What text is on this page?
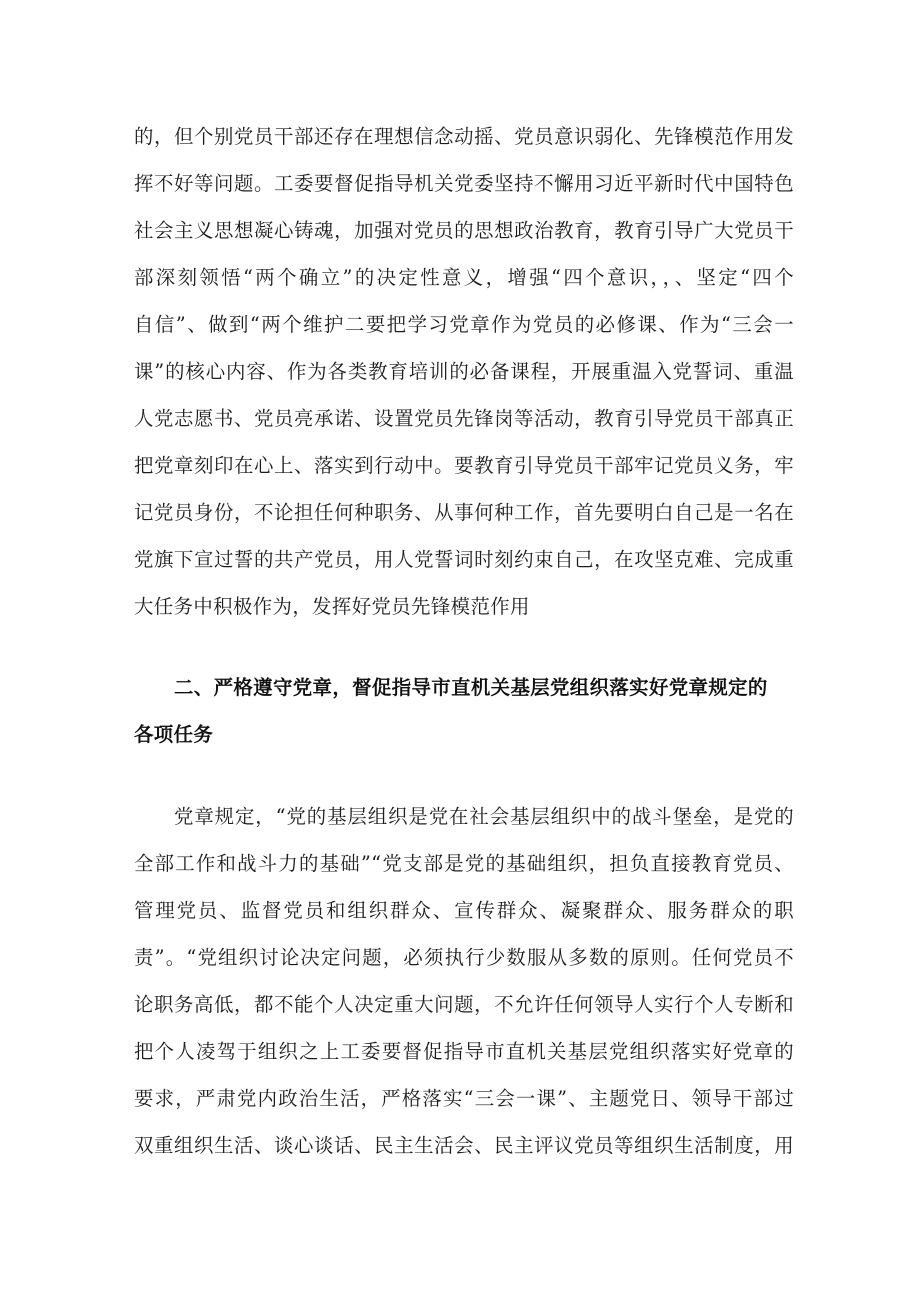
的，但个别党员干部还存在理想信念动摇、党员意识弱化、先锋模范作用发
挥不好等问题。工委要督促指导机关党委坚持不懈用习近平新时代中国特色
社会主义思想凝心铸魂，加强对党员的思想政治教育，教育引导广大党员干
部深刻领悟“两个确立”的决定性意义，增强“四个意识，，、坚定“四个
自信”、做到“两个维护二要把学习党章作为党员的必修课、作为“三会一
课”的核心内容、作为各类教育培训的必备课程，开展重温入党誓词、重温
人党志愿书、党员亮承诺、设置党员先锋岗等活动，教育引导党员干部真正
把党章刻印在心上、落实到行动中。要教育引导党员干部牢记党员义务，牢
记党员身份，不论担任何种职务、从事何种工作，首先要明白自己是一名在
党旗下宣过誓的共产党员，用人党誓词时刻约束自己，在攻坚克难、完成重
大任务中积极作为，发挥好党员先锋模范作用
二、严格遵守党章，督促指导市直机关基层党组织落实好党章规定的
各项任务
党章规定，“党的基层组织是党在社会基层组织中的战斗堡垒，是党的
全部工作和战斗力的基础”“党支部是党的基础组织，担负直接教育党员、
管理党员、监督党员和组织群众、宣传群众、凝聚群众、服务群众的职
责”。“党组织讨论决定问题，必须执行少数服从多数的原则。任何党员不
论职务高低，都不能个人决定重大问题，不允许任何领导人实行个人专断和
把个人凌驾于组织之上工委要督促指导市直机关基层党组织落实好党章的
要求，严肃党内政治生活，严格落实“三会一课”、主题党日、领导干部过
双重组织生活、谈心谈话、民主生活会、民主评议党员等组织生活制度，用
